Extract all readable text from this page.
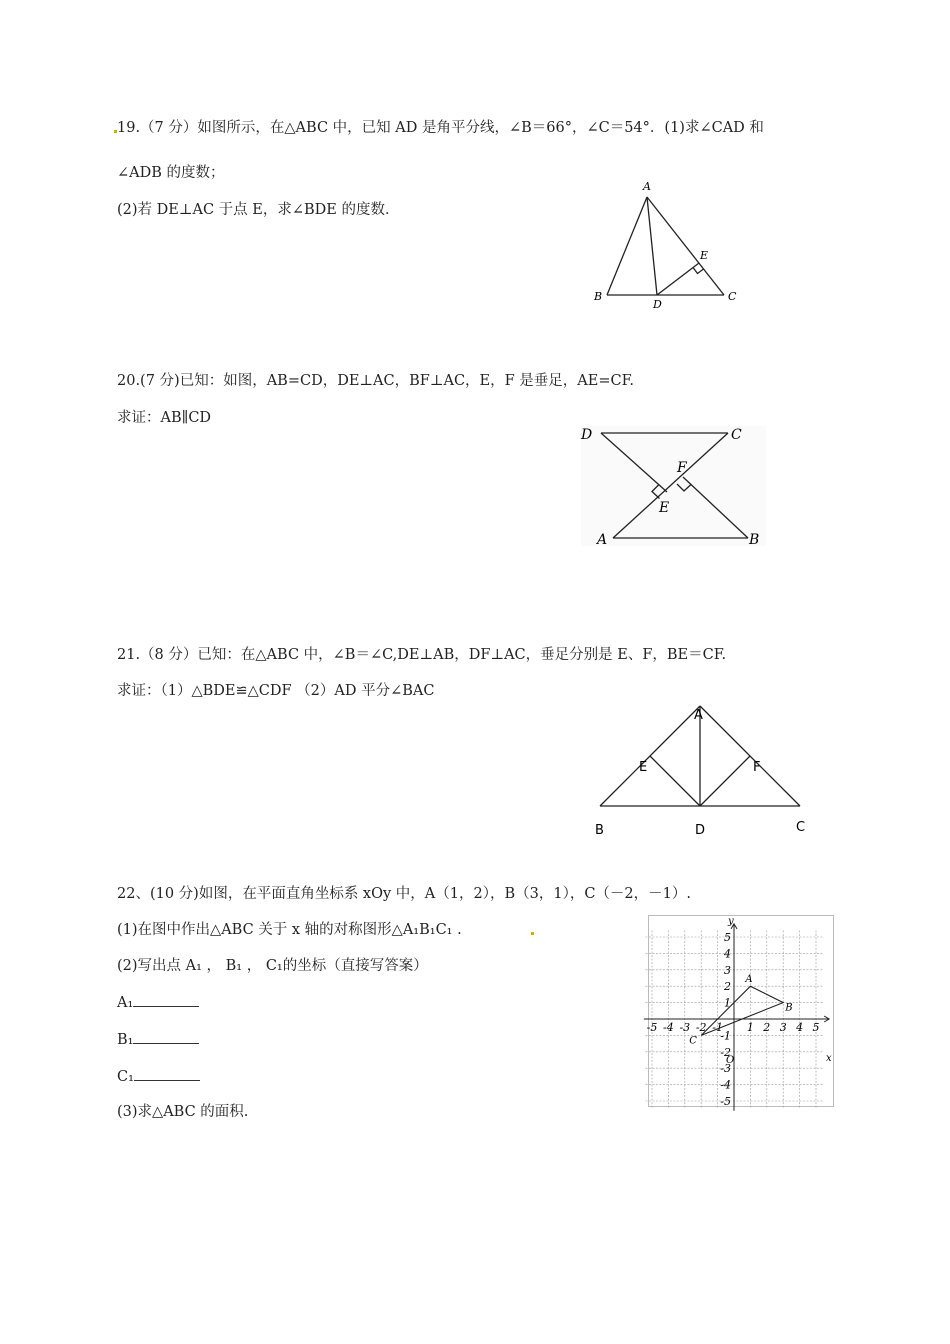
19.（7 分）如图所示，在△ABC 中，已知 AD 是角平分线，∠B＝66°，∠C＝54°．(1)求∠CAD 和
∠ADB 的度数；
(2)若 DE⊥AC 于点 E，求∠BDE 的度数．
A
B	C
D
E
20.(7 分)已知：如图，AB=CD，DE⊥AC，BF⊥AC，E，F 是垂足，AE=CF.
求证：AB∥CD
D	C
F
E
A	B
21.（8 分）已知：在△ABC 中，∠B＝∠C,DE⊥AB，DF⊥AC，垂足分别是 E、F，BE＝CF.
求证：（1）△BDE≌△CDF （2）AD 平分∠BAC
A
E	F
B	D	C
22、(10 分)如图，在平面直角坐标系 xOy 中，A（1，2），B（3，1），C（－2，－1）.
(1)在图中作出△ABC 关于 x 轴的对称图形△A₁B₁C₁ .
(2)写出点 A₁ ， B₁ ， C₁的坐标（直接写答案）
A₁
B₁
C₁
(3)求△ABC 的面积.
-5 -4 -3 -2 -1 1 2 3 4 5
5
4
3
2
1
-1
-2
-3
-4
-5
A
B
C
x
y
O
